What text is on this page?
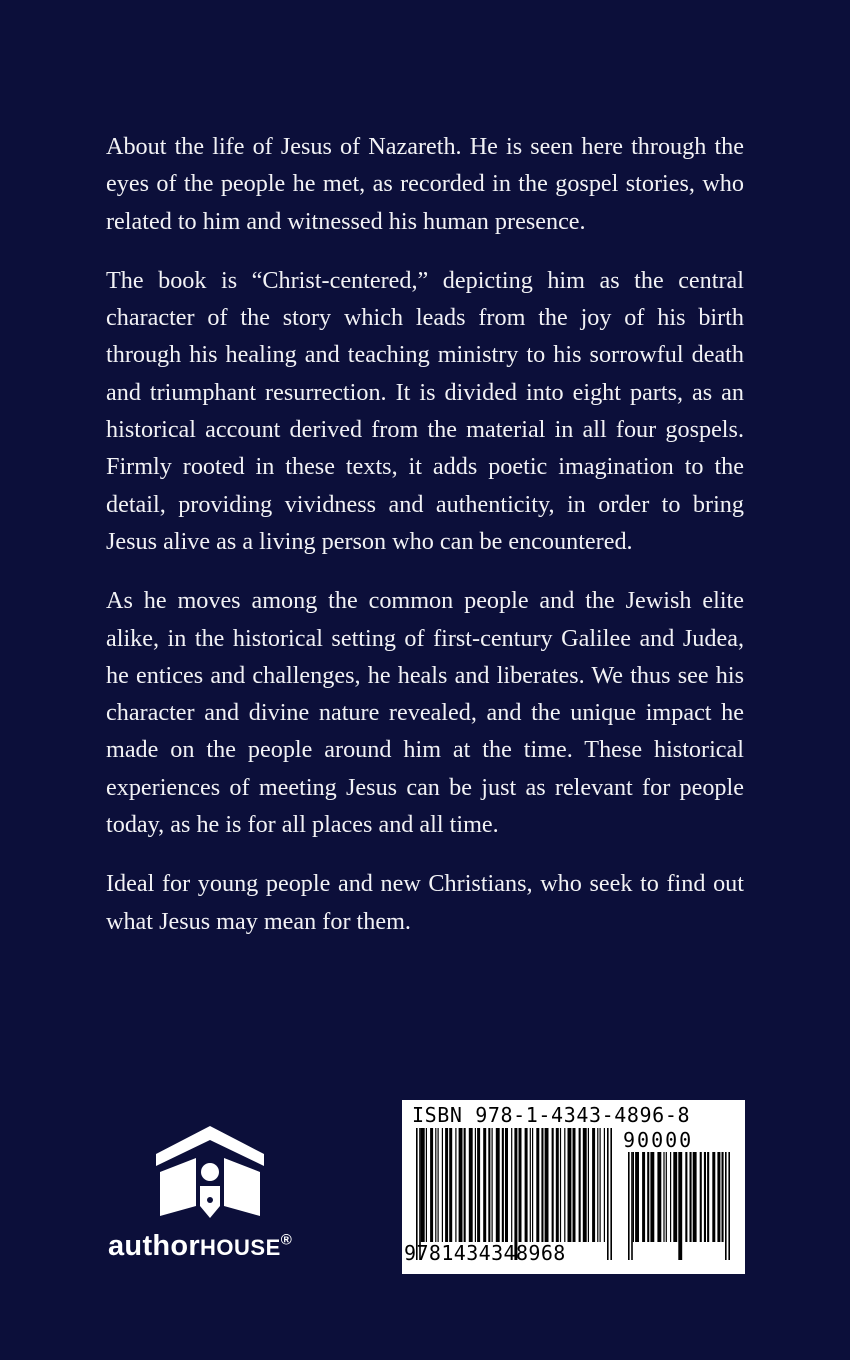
About the life of Jesus of Nazareth. He is seen here through the eyes of the people he met, as recorded in the gospel stories, who related to him and witnessed his human presence.

The book is “Christ-centered,” depicting him as the central character of the story which leads from the joy of his birth through his healing and teaching ministry to his sorrowful death and triumphant resurrection. It is divided into eight parts, as an historical account derived from the material in all four gospels. Firmly rooted in these texts, it adds poetic imagination to the detail, providing vividness and authenticity, in order to bring Jesus alive as a living person who can be encountered.

As he moves among the common people and the Jewish elite alike, in the historical setting of first-century Galilee and Judea, he entices and challenges, he heals and liberates. We thus see his character and divine nature revealed, and the unique impact he made on the people around him at the time. These historical experiences of meeting Jesus can be just as relevant for people today, as he is for all places and all time.

Ideal for young people and new Christians, who seek to find out what Jesus may mean for them.

authorHOUSE®
ISBN 978-1-4343-4896-8
90000
9781434348968
